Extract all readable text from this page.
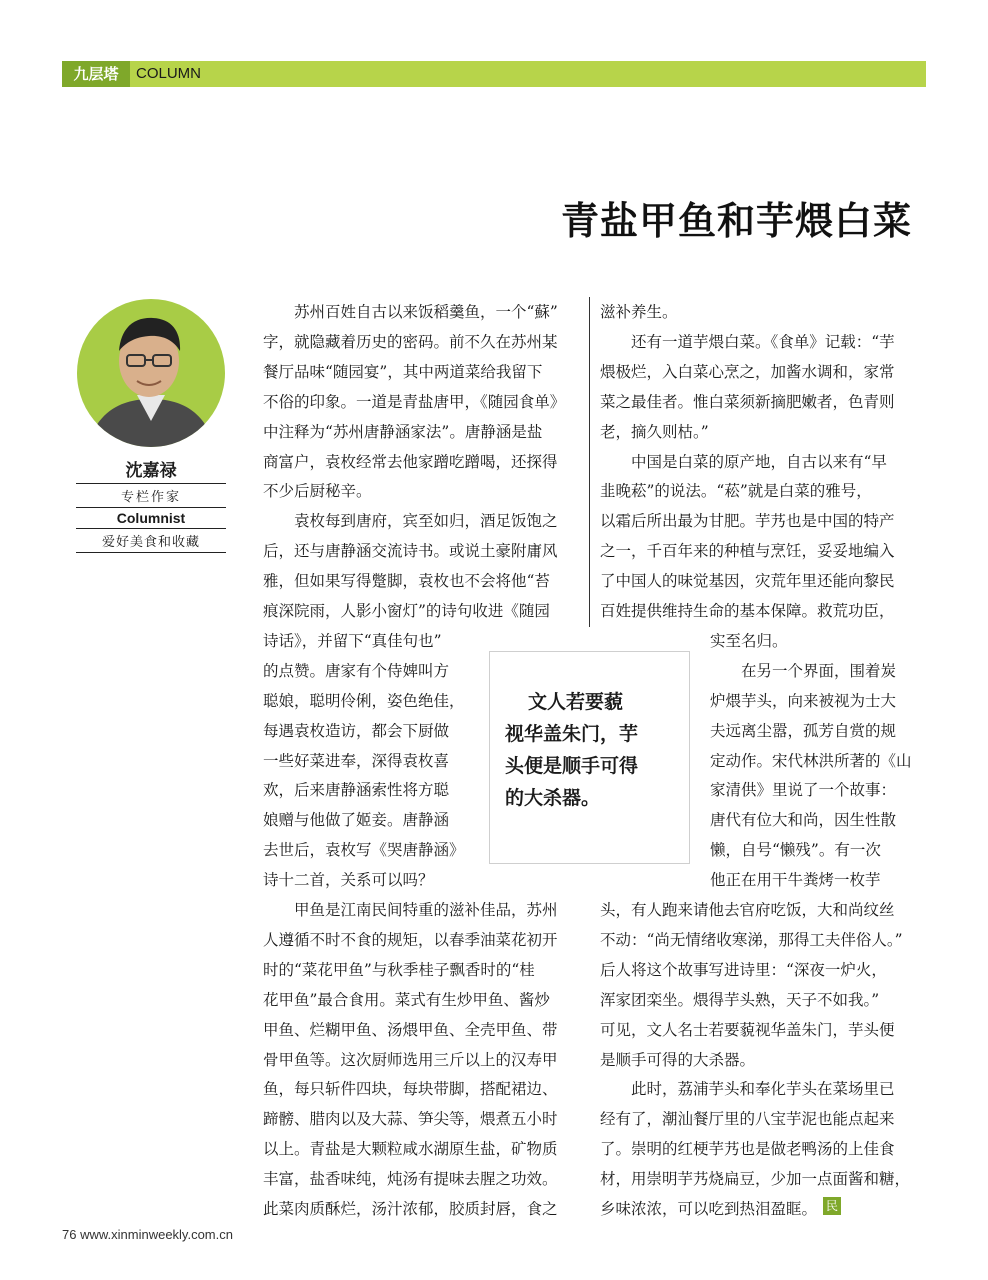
九层塔	COLUMN
青盐甲鱼和芋煨白菜
沈嘉禄
专栏作家
Columnist
爱好美食和收藏
　　苏州百姓自古以来饭稻羹鱼，一个“蘇”
字，就隐藏着历史的密码。前不久在苏州某
餐厅品味“随园宴”，其中两道菜给我留下
不俗的印象。一道是青盐唐甲，《随园食单》
中注释为“苏州唐静涵家法”。唐静涵是盐
商富户，袁枚经常去他家蹭吃蹭喝，还探得
不少后厨秘辛。
　　袁枚每到唐府，宾至如归，酒足饭饱之
后，还与唐静涵交流诗书。或说土豪附庸风
雅，但如果写得蹩脚，袁枚也不会将他“苔
痕深院雨，人影小窗灯”的诗句收进《随园
诗话》，并留下“真佳句也”
的点赞。唐家有个侍婢叫方
聪娘，聪明伶俐，姿色绝佳，
每遇袁枚造访，都会下厨做
一些好菜进奉，深得袁枚喜
欢，后来唐静涵索性将方聪
娘赠与他做了姬妾。唐静涵
去世后，袁枚写《哭唐静涵》
诗十二首，关系可以吗？
　　甲鱼是江南民间特重的滋补佳品，苏州
人遵循不时不食的规矩，以春季油菜花初开
时的“菜花甲鱼”与秋季桂子飘香时的“桂
花甲鱼”最合食用。菜式有生炒甲鱼、酱炒
甲鱼、烂糊甲鱼、汤煨甲鱼、全壳甲鱼、带
骨甲鱼等。这次厨师选用三斤以上的汉寿甲
鱼，每只斩件四块，每块带脚，搭配裙边、
蹄髈、腊肉以及大蒜、笋尖等，煨煮五小时
以上。青盐是大颗粒咸水湖原生盐，矿物质
丰富，盐香味纯，炖汤有提味去腥之功效。
此菜肉质酥烂，汤汁浓郁，胶质封唇，食之
滋补养生。
　　还有一道芋煨白菜。《食单》记载：“芋
煨极烂，入白菜心烹之，加酱水调和，家常
菜之最佳者。惟白菜须新摘肥嫩者，色青则
老，摘久则枯。”
　　中国是白菜的原产地，自古以来有“早
韭晚菘”的说法。“菘”就是白菜的雅号，
以霜后所出最为甘肥。芋艿也是中国的特产
之一，千百年来的种植与烹饪，妥妥地编入
了中国人的味觉基因，灾荒年里还能向黎民
百姓提供维持生命的基本保障。救荒功臣，
实至名归。
　　在另一个界面，围着炭
炉煨芋头，向来被视为士大
夫远离尘嚣，孤芳自赏的规
定动作。宋代林洪所著的《山
家清供》里说了一个故事：
唐代有位大和尚，因生性散
懒，自号“懒残”。有一次
他正在用干牛粪烤一枚芋
头，有人跑来请他去官府吃饭，大和尚纹丝
不动：“尚无情绪收寒涕，那得工夫伴俗人。”
后人将这个故事写进诗里：“深夜一炉火，
浑家团栾坐。煨得芋头熟，天子不如我。”
可见，文人名士若要藐视华盖朱门，芋头便
是顺手可得的大杀器。
　　此时，荔浦芋头和奉化芋头在菜场里已
经有了，潮汕餐厅里的八宝芋泥也能点起来
了。崇明的红梗芋艿也是做老鸭汤的上佳食
材，用崇明芋艿烧扁豆，少加一点面酱和糖，
乡味浓浓，可以吃到热泪盈眶。
文人若要藐
视华盖朱门，芋
头便是顺手可得
的大杀器。
民
76 www.xinminweekly.com.cn
